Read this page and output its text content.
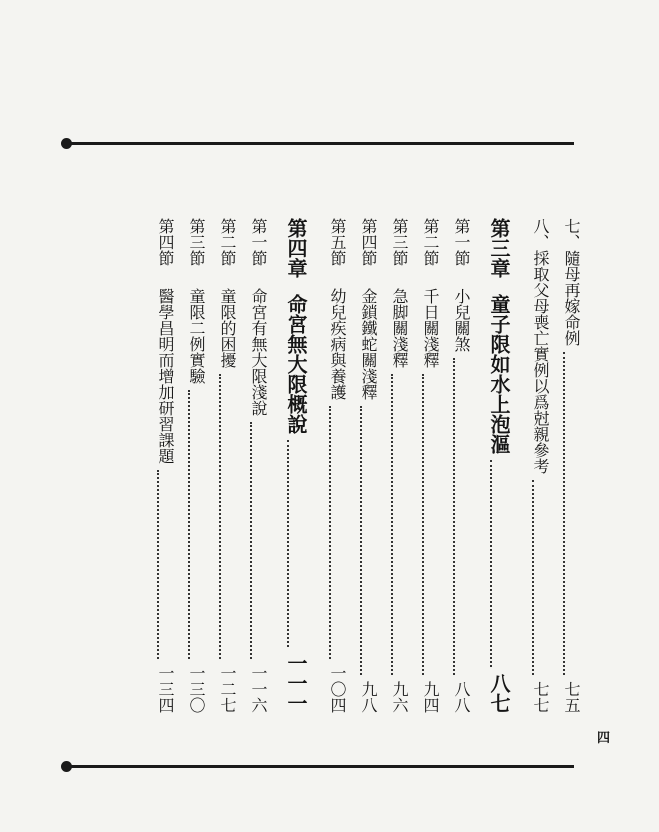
七、隨母再嫁命例
七五
八、採取父母喪亡實例以爲尅親參考
七七
第三章
童子限如水上泡漚
八七
第一節
小兒關煞
八八
第二節
千日關淺釋
九四
第三節
急脚關淺釋
九六
第四節
金鎖鐵蛇關淺釋
九八
第五節
幼兒疾病與養護
一〇四
第四章
命宮無大限概說
一一一
第一節
命宮有無大限淺說
一一六
第二節
童限的困擾
一二七
第三節
童限二例實驗
一三〇
第四節
醫學昌明而增加研習課題
一三四
四
